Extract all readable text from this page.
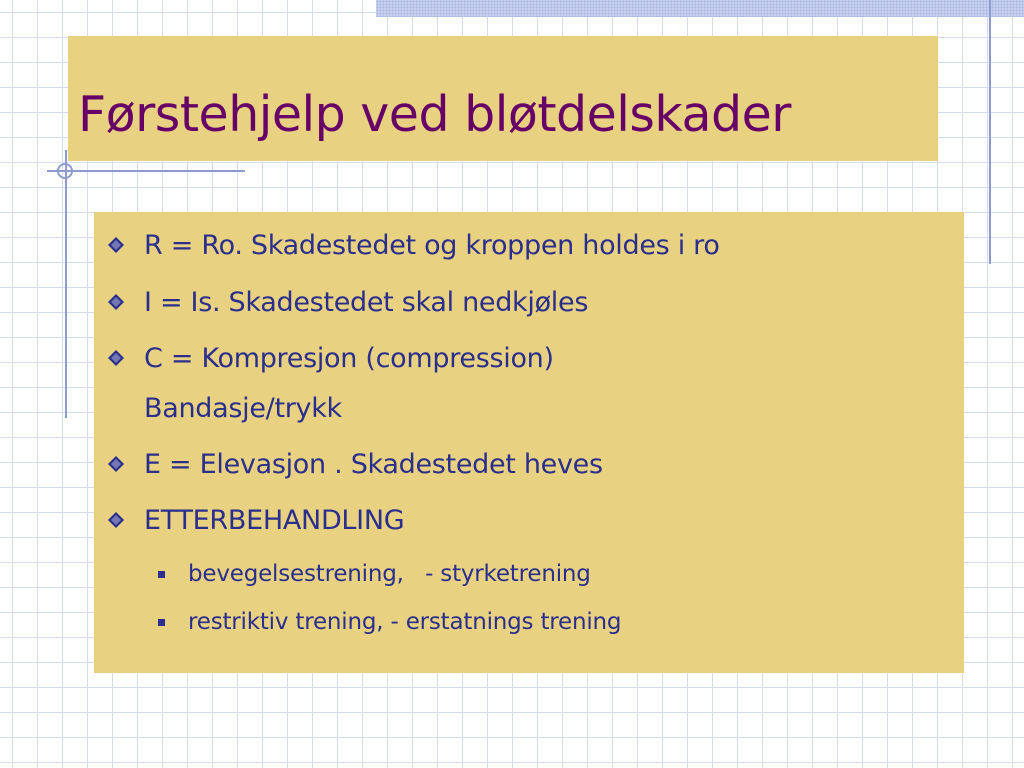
Førstehjelp ved bløtdelskader
R = Ro. Skadestedet og kroppen holdes i ro
I = Is. Skadestedet skal nedkjøles
C = Kompresjon (compression)
Bandasje/trykk
E = Elevasjon . Skadestedet heves
ETTERBEHANDLING
bevegelsestrening,   - styrketrening
restriktiv trening, - erstatnings trening
